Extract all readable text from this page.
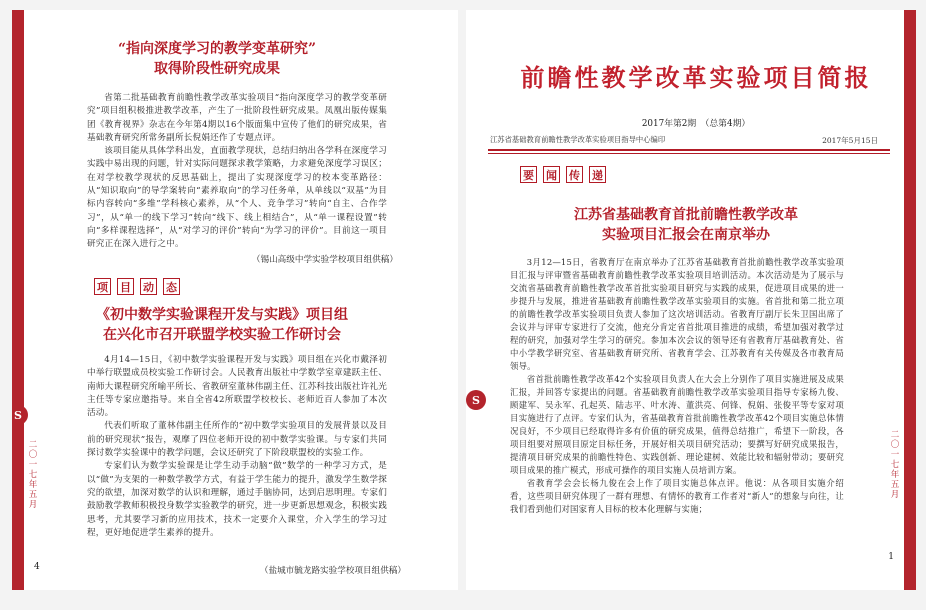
“指向深度学习的教学变革研究”
取得阶段性研究成果

省第二批基础教育前瞻性教学改革实验项目“指向深度学习的教学变革研究”项目组积极推进教学改革，产生了一批阶段性研究成果。凤凰出版传媒集团《教育视界》杂志在今年第4期以16个版面集中宣传了他们的研究成果，省基础教育研究所常务副所长倪娟还作了专题点评。

该项目能从具体学科出发，直面教学现状，总结归纳出各学科在深度学习实践中易出现的问题，针对实际问题探求教学策略，力求避免深度学习误区；在对学校教学现状的反思基础上，提出了实现深度学习的校本变革路径：从“知识取向”的导学案转向“素养取向”的学习任务单，从单线以“双基”为目标内容转向“多维”学科核心素养，从“个人、竞争学习”转向“自主、合作学习”，从“单一的线下学习”转向“线下、线上相结合”，从“单一课程设置”转向“多样课程选择”，从“对学习的评价”转向“为学习的评价”。目前这一项目研究正在深入进行之中。

（锡山高级中学实验学校项目组供稿）
项 目 动 态
《初中数学实验课程开发与实践》项目组
在兴化市召开联盟学校实验工作研讨会

4月14—15日，《初中数学实验课程开发与实践》项目组在兴化市戴泽初中举行联盟成员校实验工作研讨会。人民教育出版社中学数学室章建跃主任、南师大课程研究所喻平所长、省教研室董林伟副主任、江苏科技出版社许礼光主任等专家应邀指导。来自全省42所联盟学校校长、老师近百人参加了本次活动。

代表们听取了董林伟副主任所作的“初中数学实验项目的发展背景以及目前的研究现状”报告，观摩了四位老师开设的初中数学实验课。与专家们共同探讨数学实验课中的教学问题，会议还研究了下阶段联盟校的实验工作。

专家们认为数学实验课是让学生动手动脑“做”数学的一种学习方式，是以“做”为支架的一种数学教学方式，有益于学生能力的提升，激发学生数学探究的欲望，加深对数学的认识和理解，通过手脑协同，达到启思明理。专家们鼓励教学教师积极投身数学实验教学的研究，进一步更新思想观念，积极实践思考，尤其要学习新的应用技术，技术一定要介入课堂，介入学生的学习过程，更好地促进学生素养的提升。

（盐城市毓龙路实验学校项目组供稿）
S
二〇一七年五月
4
前瞻性教学改革实验项目简报
2017年第2期　（总第4期）
江苏省基础教育前瞻性教学改革实验项目指导中心编印	2017年5月15日
要 闻 传 递
江苏省基础教育首批前瞻性教学改革
实验项目汇报会在南京举办

3月12—15日，省教育厅在南京举办了江苏省基础教育首批前瞻性教学改革实验项目汇报与评审暨省基础教育前瞻性教学改革实验项目培训活动。本次活动是为了展示与交流省基础教育前瞻性教学改革首批实验项目研究与实践的成果，促进项目成果的进一步提升与发展，推进省基础教育前瞻性教学改革实验项目的实施。省首批和第二批立项的前瞻性教学改革实验项目负责人参加了这次培训活动。省教育厅副厅长朱卫国出席了会议并与评审专家进行了交流，他充分肯定省首批项目推进的成绩，希望加强对教学过程的研究，加强对学生学习的研究。参加本次会议的领导还有省教育厅基础教育处、省中小学教学研究室、省基础教育研究所、省教育学会、江苏教育有关传媒及各市教育局领导。

省首批前瞻性教学改革42个实验项目负责人在大会上分别作了项目实施进展及成果汇报，并回答专家提出的问题。省基础教育前瞻性教学改革实验项目指导专家杨九俊、顾建军、吴永军、孔起英、陆志平、叶水涛、董洪亮、何锋、倪娟、张俊平等专家对项目实施进行了点评。专家们认为，省基础教育首批前瞻性教学改革42个项目实施总体情况良好，不少项目已经取得许多有价值的研究成果，值得总结推广，希望下一阶段，各项目组要对照项目原定目标任务，开展好相关项目研究活动；要撰写好研究成果报告，提清项目研究成果的前瞻性特色、实践创新、理论建树、效能比较和辐射带动；要研究项目成果的推广模式，形成可操作的项目实施人员培训方案。

省教育学会会长杨九俊在会上作了项目实施总体点评。他说：从各项目实施介绍看，这些项目研究体现了一群有理想、有情怀的教育工作者对“新人”的想象与向往，让我们看到他们对国家育人目标的校本化理解与实施；

S
二〇一七年五月
1
